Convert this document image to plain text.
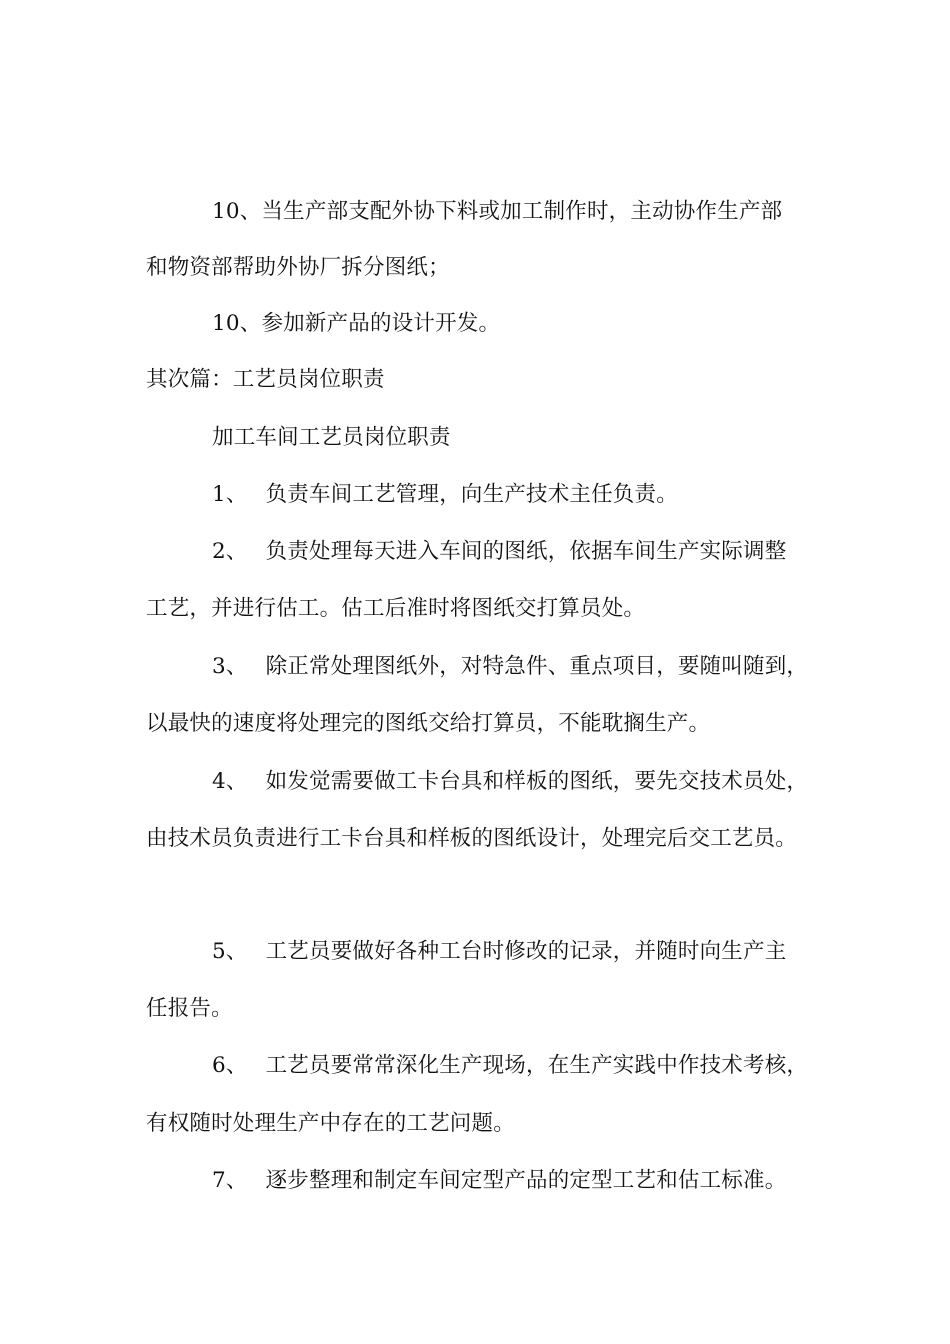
10、当生产部支配外协下料或加工制作时，主动协作生产部
和物资部帮助外协厂拆分图纸；
10、参加新产品的设计开发。
其次篇：工艺员岗位职责
加工车间工艺员岗位职责
1、 负责车间工艺管理，向生产技术主任负责。
2、 负责处理每天进入车间的图纸，依据车间生产实际调整
工艺，并进行估工。估工后准时将图纸交打算员处。
3、 除正常处理图纸外，对特急件、重点项目，要随叫随到，
以最快的速度将处理完的图纸交给打算员，不能耽搁生产。
4、 如发觉需要做工卡台具和样板的图纸，要先交技术员处，
由技术员负责进行工卡台具和样板的图纸设计，处理完后交工艺员。
5、 工艺员要做好各种工台时修改的记录，并随时向生产主
任报告。
6、 工艺员要常常深化生产现场，在生产实践中作技术考核，
有权随时处理生产中存在的工艺问题。
7、 逐步整理和制定车间定型产品的定型工艺和估工标准。
